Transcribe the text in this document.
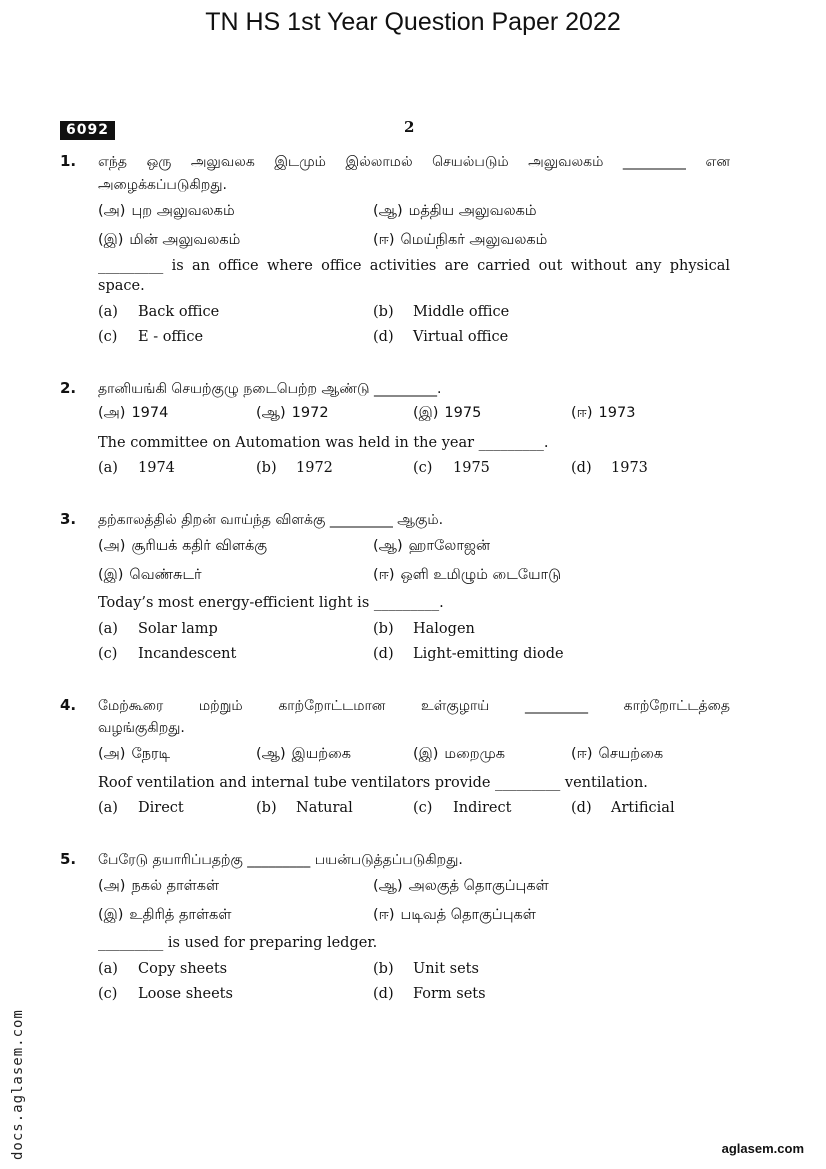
TN HS 1st Year Question Paper 2022
6092	2
1. எந்த ஒரு அலுவலக இடமும் இல்லாமல் செயல்படும் அலுவலகம் _________ என
அழைக்கப்படுகிறது.
(அ) புற அலுவலகம்	(ஆ) மத்திய அலுவலகம்
(இ) மின் அலுவலகம்	(ஈ) மெய்நிகர் அலுவலகம்
_________ is an office where office activities are carried out without any physical
space.
(a) Back office	(b) Middle office
(c) E - office	(d) Virtual office
2. தானியங்கி செயற்குழு நடைபெற்ற ஆண்டு _________.
(அ) 1974	(ஆ) 1972	(இ) 1975	(ஈ) 1973
The committee on Automation was held in the year _________.
(a) 1974	(b) 1972	(c) 1975	(d) 1973
3. தற்காலத்தில் திறன் வாய்ந்த விளக்கு _________ ஆகும்.
(அ) சூரியக் கதிர் விளக்கு	(ஆ) ஹாலோஜன்
(இ) வெண்சுடர்	(ஈ) ஒளி உமிழும் டையோடு
Today’s most energy-efficient light is _________.
(a) Solar lamp	(b) Halogen
(c) Incandescent	(d) Light-emitting diode
4. மேற்கூரை மற்றும் காற்றோட்டமான உள்குழாய் _________ காற்றோட்டத்தை
வழங்குகிறது.
(அ) நேரடி	(ஆ) இயற்கை	(இ) மறைமுக	(ஈ) செயற்கை
Roof ventilation and internal tube ventilators provide _________ ventilation.
(a) Direct	(b) Natural	(c) Indirect	(d) Artificial
5. பேரேடு தயாரிப்பதற்கு _________ பயன்படுத்தப்படுகிறது.
(அ) நகல் தாள்கள்	(ஆ) அலகுத் தொகுப்புகள்
(இ) உதிரித் தாள்கள்	(ஈ) படிவத் தொகுப்புகள்
_________ is used for preparing ledger.
(a) Copy sheets	(b) Unit sets
(c) Loose sheets	(d) Form sets
docs.aglasem.com	aglasem.com
